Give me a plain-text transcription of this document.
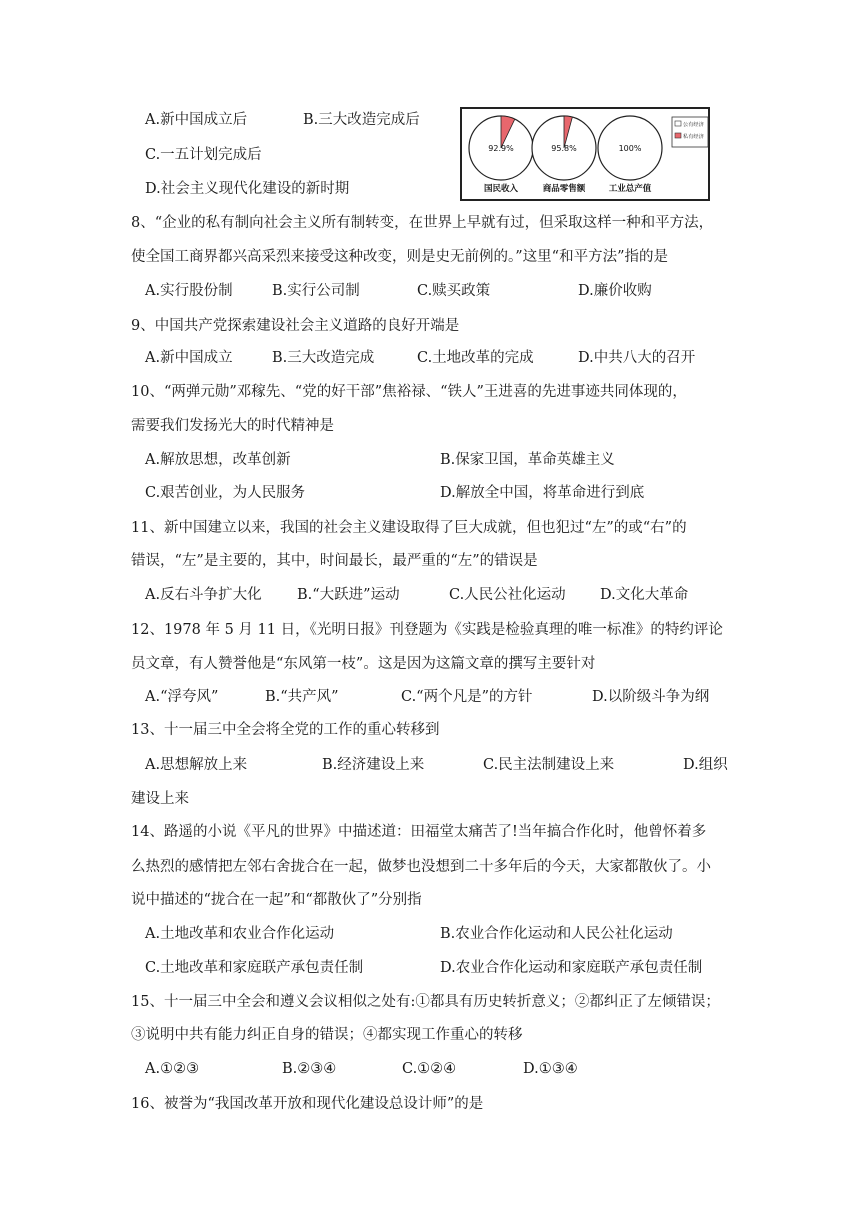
A.新中国成立后	B.三大改造完成后
C.一五计划完成后
D.社会主义现代化建设的新时期
92.9%
国民收入
95.8%
商品零售额
100%
工业总产值
公有经济
私有经济
8、“企业的私有制向社会主义所有制转变，在世界上早就有过，但采取这样一种和平方法，
使全国工商界都兴高采烈来接受这种改变，则是史无前例的。”这里“和平方法”指的是
A.实行股份制	B.实行公司制	C.赎买政策	D.廉价收购
9、中国共产党探索建设社会主义道路的良好开端是
A.新中国成立	B.三大改造完成	C.土地改革的完成	D.中共八大的召开
10、“两弹元勋”邓稼先、“党的好干部”焦裕禄、“铁人”王进喜的先进事迹共同体现的，
需要我们发扬光大的时代精神是
A.解放思想，改革创新	B.保家卫国，革命英雄主义
C.艰苦创业，为人民服务	D.解放全中国，将革命进行到底
11、新中国建立以来，我国的社会主义建设取得了巨大成就，但也犯过“左”的或“右”的
错误，“左”是主要的，其中，时间最长，最严重的“左”的错误是
A.反右斗争扩大化 B.“大跃进”运动	C.人民公社化运动 D.文化大革命
12、1978 年 5 月 11 日，《光明日报》刊登题为《实践是检验真理的唯一标准》的特约评论
员文章，有人赞誉他是“东风第一枝”。这是因为这篇文章的撰写主要针对
A.“浮夸风”	B.“共产风”	C.“两个凡是”的方针	D.以阶级斗争为纲
13、十一届三中全会将全党的工作的重心转移到
A.思想解放上来	B.经济建设上来	C.民主法制建设上来	D.组织
建设上来
14、路遥的小说《平凡的世界》中描述道：田福堂太痛苦了!当年搞合作化时，他曾怀着多
么热烈的感情把左邻右舍拢合在一起，做梦也没想到二十多年后的今天，大家都散伙了。小
说中描述的“拢合在一起”和“都散伙了”分别指
A.土地改革和农业合作化运动	B.农业合作化运动和人民公社化运动
C.土地改革和家庭联产承包责任制	D.农业合作化运动和家庭联产承包责任制
15、十一届三中全会和遵义会议相似之处有:①都具有历史转折意义；②都纠正了左倾错误；
③说明中共有能力纠正自身的错误；④都实现工作重心的转移
A.①②③	B.②③④	C.①②④	D.①③④
16、被誉为“我国改革开放和现代化建设总设计师”的是
